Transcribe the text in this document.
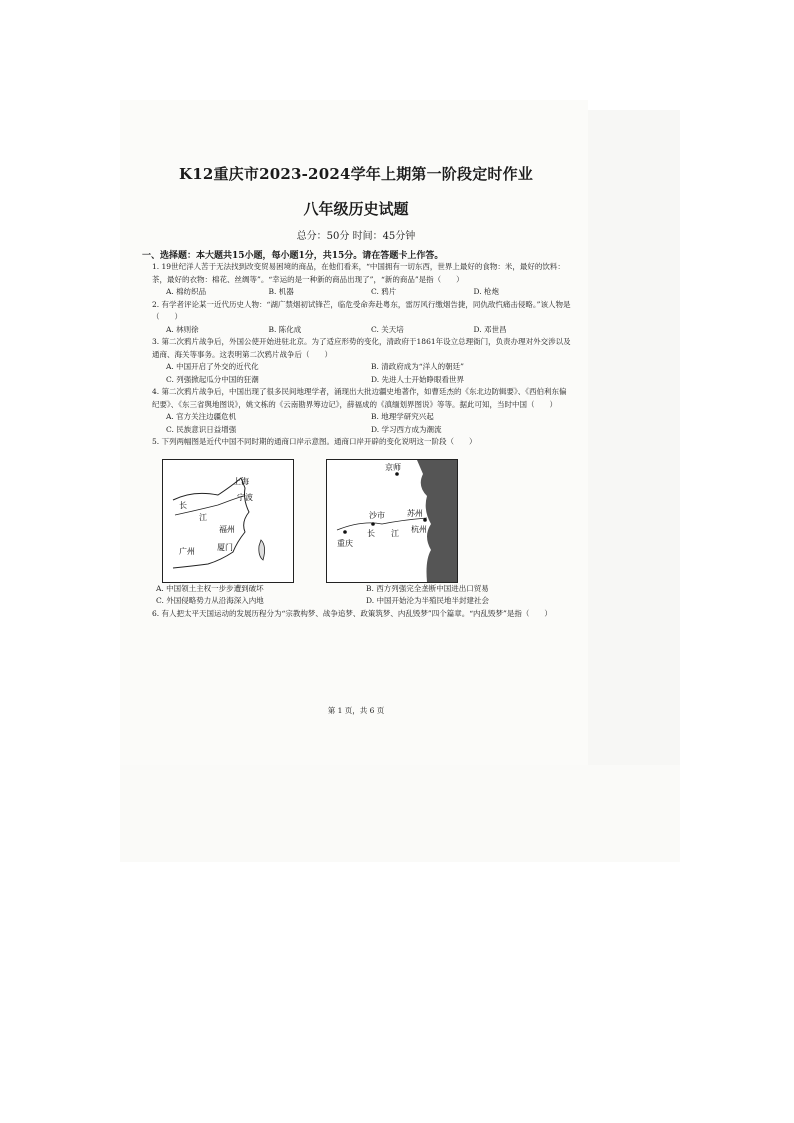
K12重庆市2023-2024学年上期第一阶段定时作业
八年级历史试题
总分：50分 时间：45分钟
一、选择题：本大题共15小题，每小题1分，共15分。请在答题卡上作答。
1. 19世纪洋人苦于无法找到改变贸易困境的商品，在他们看来，“中国拥有一切东西，世界上最好的食物：米，最好的饮料：茶，最好的衣物：棉花、丝绸等”。“幸运的是一种新的商品出现了”，“新的商品”是指（　　）
A. 棉纺织品	B. 机器	C. 鸦片	D. 枪炮
2. 有学者评论某一近代历史人物：“湖广禁烟初试锋芒，临危受命奔赴粤东，雷厉风行缴烟告捷，同仇敌忾痛击侵略。”该人物是（　　）
A. 林则徐	B. 陈化成	C. 关天培	D. 邓世昌
3. 第二次鸦片战争后，外国公使开始进驻北京。为了适应形势的变化，清政府于1861年设立总理衙门，负责办理对外交涉以及通商、海关等事务。这表明第二次鸦片战争后（　　）
A. 中国开启了外交的近代化	B. 清政府成为“洋人的朝廷”
C. 列强掀起瓜分中国的狂潮	D. 先进人士开始睁眼看世界
4. 第二次鸦片战争后，中国出现了很多民间地理学者，涌现出大批边疆史地著作，如曹廷杰的《东北边防辑要》、《西伯利东偏纪要》、《东三省舆地图说》，姚文栋的《云南勘界筹边记》，薛福成的《滇缅划界图说》等等。据此可知，当时中国（　　）
A. 官方关注边疆危机	B. 地理学研究兴起
C. 民族意识日益增强	D. 学习西方成为潮流
5. 下列两幅图是近代中国不同时期的通商口岸示意图。通商口岸开辟的变化说明这一阶段（　　）
上海
长
江
宁波
福州
厦门
广州
京师
沙市	苏州
重庆
长 江 杭州
A. 中国领土主权一步步遭到破坏	B. 西方列强完全垄断中国进出口贸易
C. 外国侵略势力从沿海深入内地	D. 中国开始沦为半殖民地半封建社会
6. 有人把太平天国运动的发展历程分为“宗教构梦、战争追梦、政策筑梦、内乱毁梦”四个篇章。“内乱毁梦”是指（　　）
第 1 页，共 6 页
